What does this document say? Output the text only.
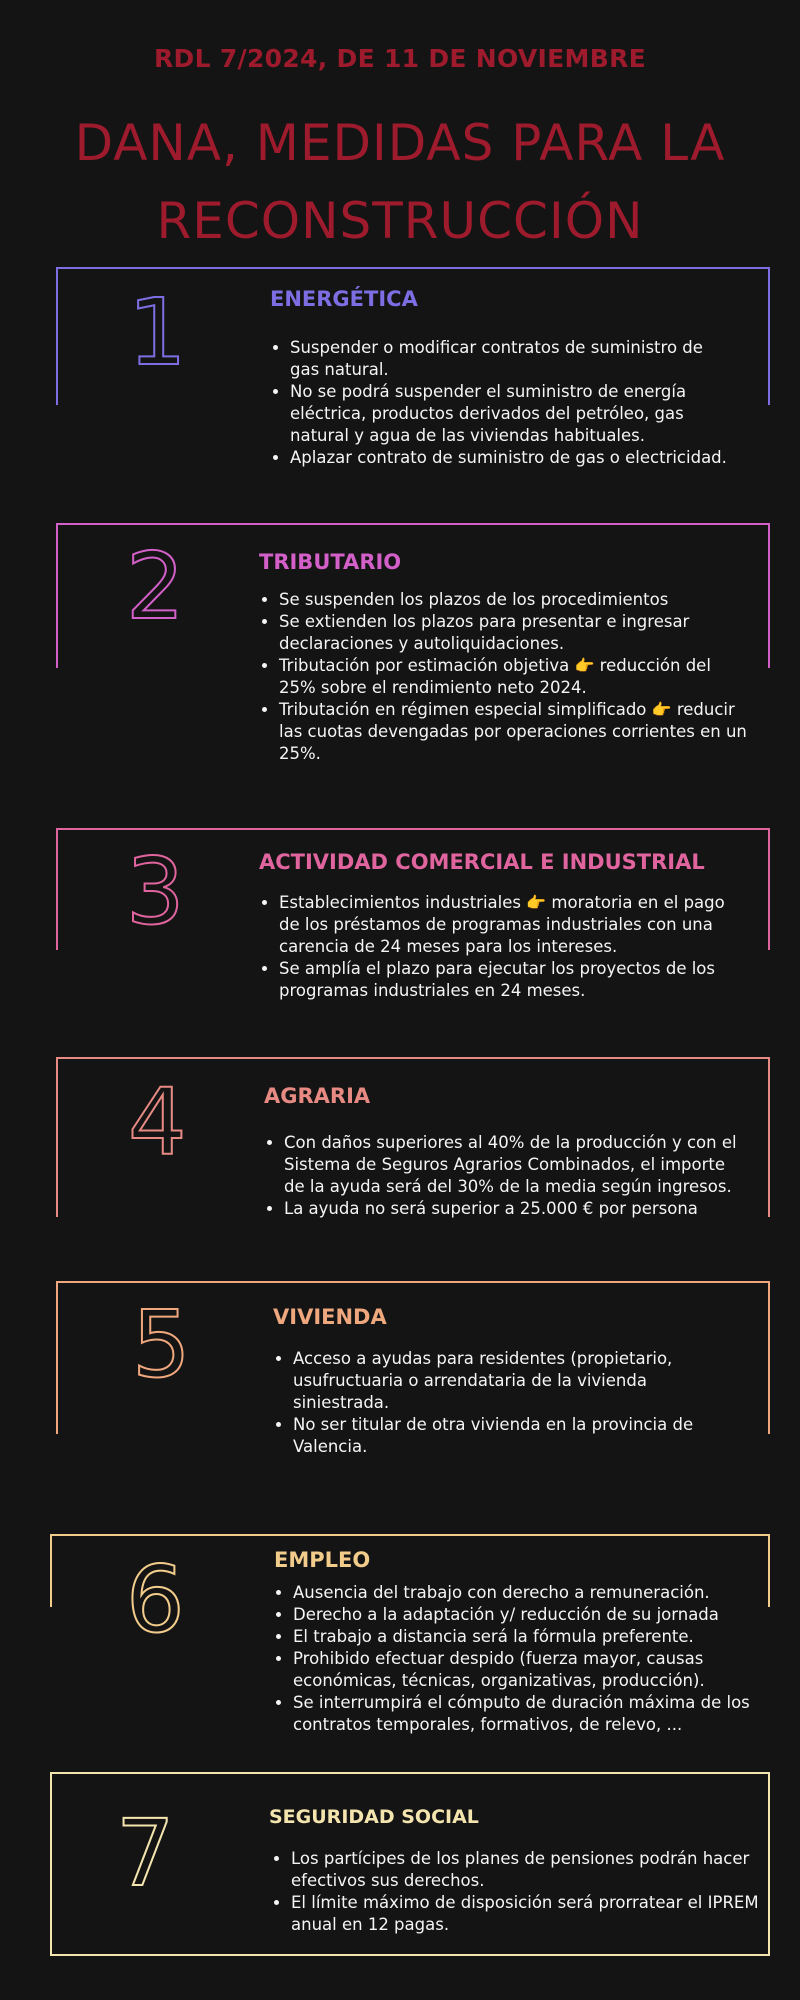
RDL 7/2024, DE 11 DE NOVIEMBRE
DANA, MEDIDAS PARA LA
RECONSTRUCCIÓN
1	ENERGÉTICA
• Suspender o modificar contratos de suministro de gas natural.
• No se podrá suspender el suministro de energía eléctrica, productos derivados del petróleo, gas natural y agua de las viviendas habituales.
• Aplazar contrato de suministro de gas o electricidad.
2	TRIBUTARIO
• Se suspenden los plazos de los procedimientos
• Se extienden los plazos para presentar e ingresar declaraciones y autoliquidaciones.
• Tributación por estimación objetiva 👉 reducción del 25% sobre el rendimiento neto 2024.
• Tributación en régimen especial simplificado 👉 reducir las cuotas devengadas por operaciones corrientes en un 25%.
3	ACTIVIDAD COMERCIAL E INDUSTRIAL
• Establecimientos industriales 👉 moratoria en el pago de los préstamos de programas industriales con una carencia de 24 meses para los intereses.
• Se amplía el plazo para ejecutar los proyectos de los programas industriales en 24 meses.
4	AGRARIA
• Con daños superiores al 40% de la producción y con el Sistema de Seguros Agrarios Combinados, el importe de la ayuda será del 30% de la media según ingresos.
• La ayuda no será superior a 25.000 € por persona
5	VIVIENDA
• Acceso a ayudas para residentes (propietario, usufructuaria o arrendataria de la vivienda siniestrada.
• No ser titular de otra vivienda en la provincia de Valencia.
6	EMPLEO
• Ausencia del trabajo con derecho a remuneración.
• Derecho a la adaptación y/ reducción de su jornada
• El trabajo a distancia será la fórmula preferente.
• Prohibido efectuar despido (fuerza mayor, causas económicas, técnicas, organizativas, producción).
• Se interrumpirá el cómputo de duración máxima de los contratos temporales, formativos, de relevo, ...
7	SEGURIDAD SOCIAL
• Los partícipes de los planes de pensiones podrán hacer efectivos sus derechos.
• El límite máximo de disposición será prorratear el IPREM anual en 12 pagas.
